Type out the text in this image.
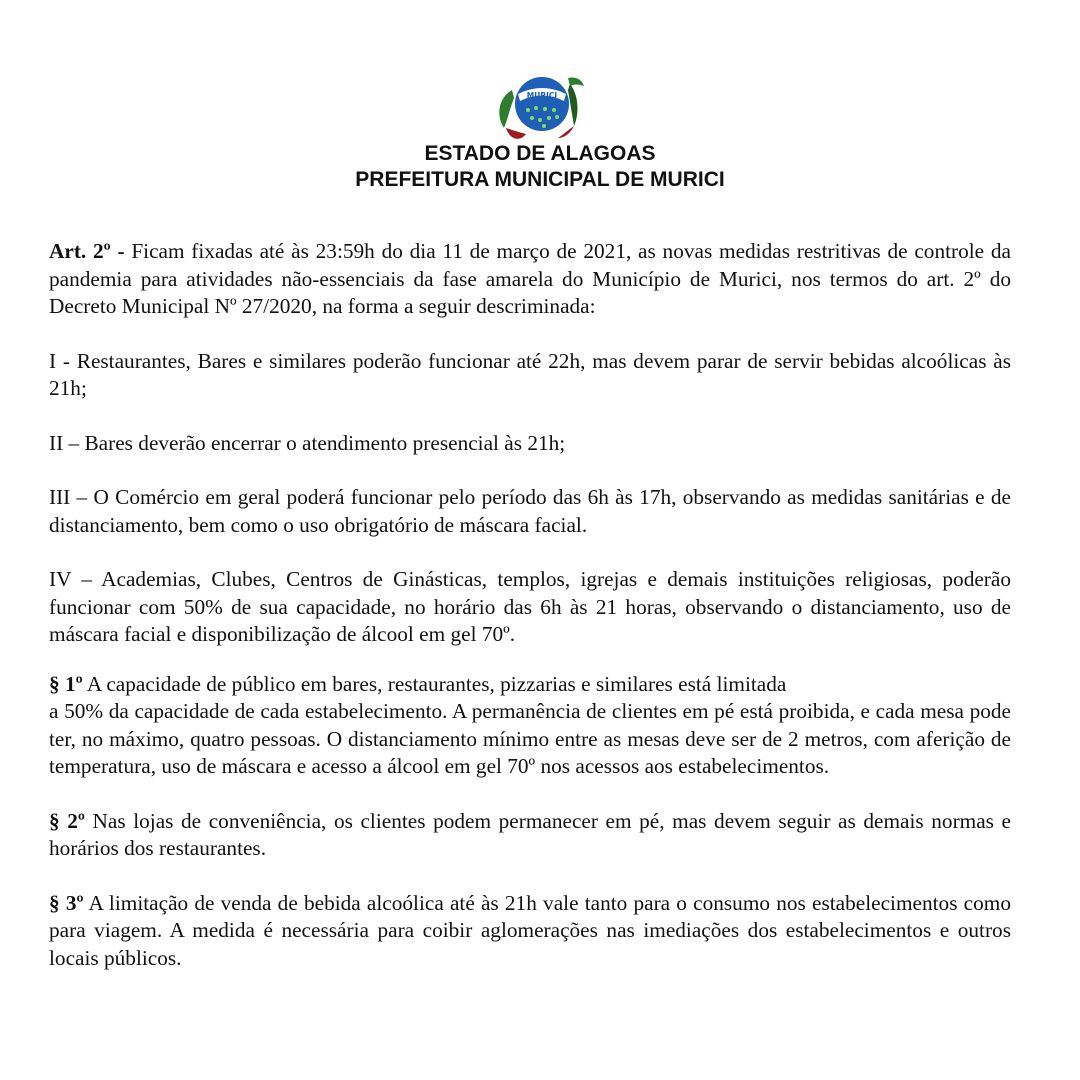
MURICI
ESTADO DE ALAGOAS
PREFEITURA MUNICIPAL DE MURICI

Art. 2º - Ficam fixadas até às 23:59h do dia 11 de março de 2021, as novas medidas restritivas de controle da pandemia para atividades não-essenciais da fase amarela do Município de Murici, nos termos do art. 2º do Decreto Municipal Nº 27/2020, na forma a seguir descriminada:

I - Restaurantes, Bares e similares poderão funcionar até 22h, mas devem parar de servir bebidas alcoólicas às 21h;

II – Bares deverão encerrar o atendimento presencial às 21h;

III – O Comércio em geral poderá funcionar pelo período das 6h às 17h, observando as medidas sanitárias e de distanciamento, bem como o uso obrigatório de máscara facial.

IV – Academias, Clubes, Centros de Ginásticas, templos, igrejas e demais instituições religiosas, poderão funcionar com 50% de sua capacidade, no horário das 6h às 21 horas, observando o distanciamento, uso de máscara facial e disponibilização de álcool em gel 70º.

§ 1º A capacidade de público em bares, restaurantes, pizzarias e similares está limitada
a 50% da capacidade de cada estabelecimento. A permanência de clientes em pé está proibida, e cada mesa pode ter, no máximo, quatro pessoas. O distanciamento mínimo entre as mesas deve ser de 2 metros, com aferição de temperatura, uso de máscara e acesso a álcool em gel 70º nos acessos aos estabelecimentos.

§ 2º Nas lojas de conveniência, os clientes podem permanecer em pé, mas devem seguir as demais normas e horários dos restaurantes.

§ 3º A limitação de venda de bebida alcoólica até às 21h vale tanto para o consumo nos estabelecimentos como para viagem. A medida é necessária para coibir aglomerações nas imediações dos estabelecimentos e outros locais públicos.
